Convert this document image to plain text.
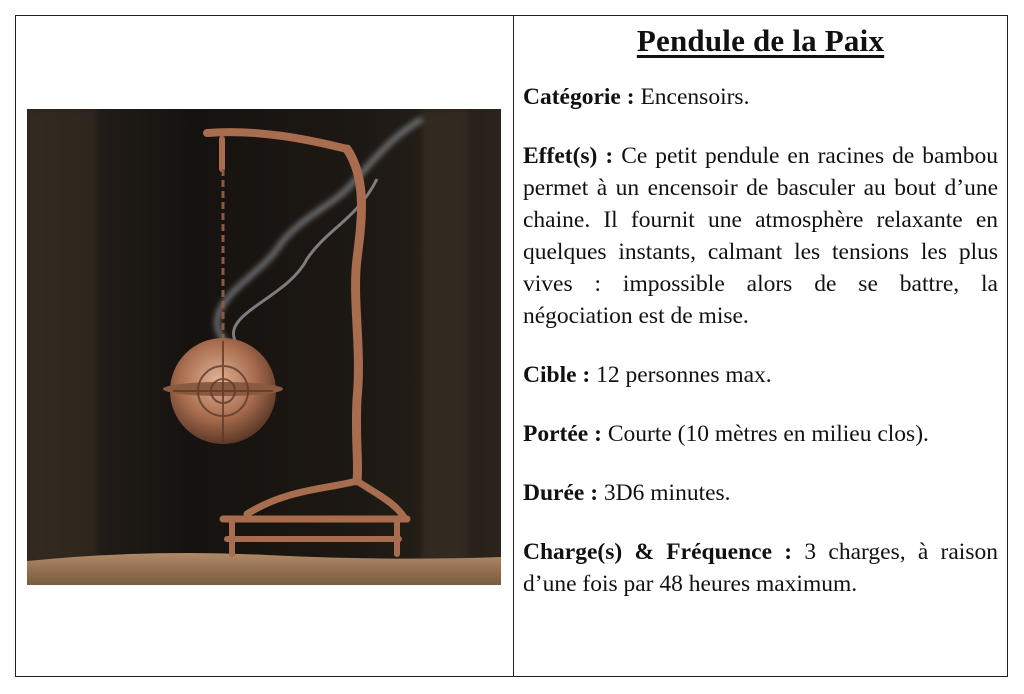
Pendule de la Paix

Catégorie : Encensoirs.

Effet(s) : Ce petit pendule en racines de bambou permet à un encensoir de basculer au bout d’une chaine. Il fournit une atmosphère relaxante en quelques instants, calmant les tensions les plus vives : impossible alors de se battre, la négociation est de mise.

Cible : 12 personnes max.

Portée : Courte (10 mètres en milieu clos).

Durée : 3D6 minutes.

Charge(s) & Fréquence : 3 charges, à raison d’une fois par 48 heures maximum.
